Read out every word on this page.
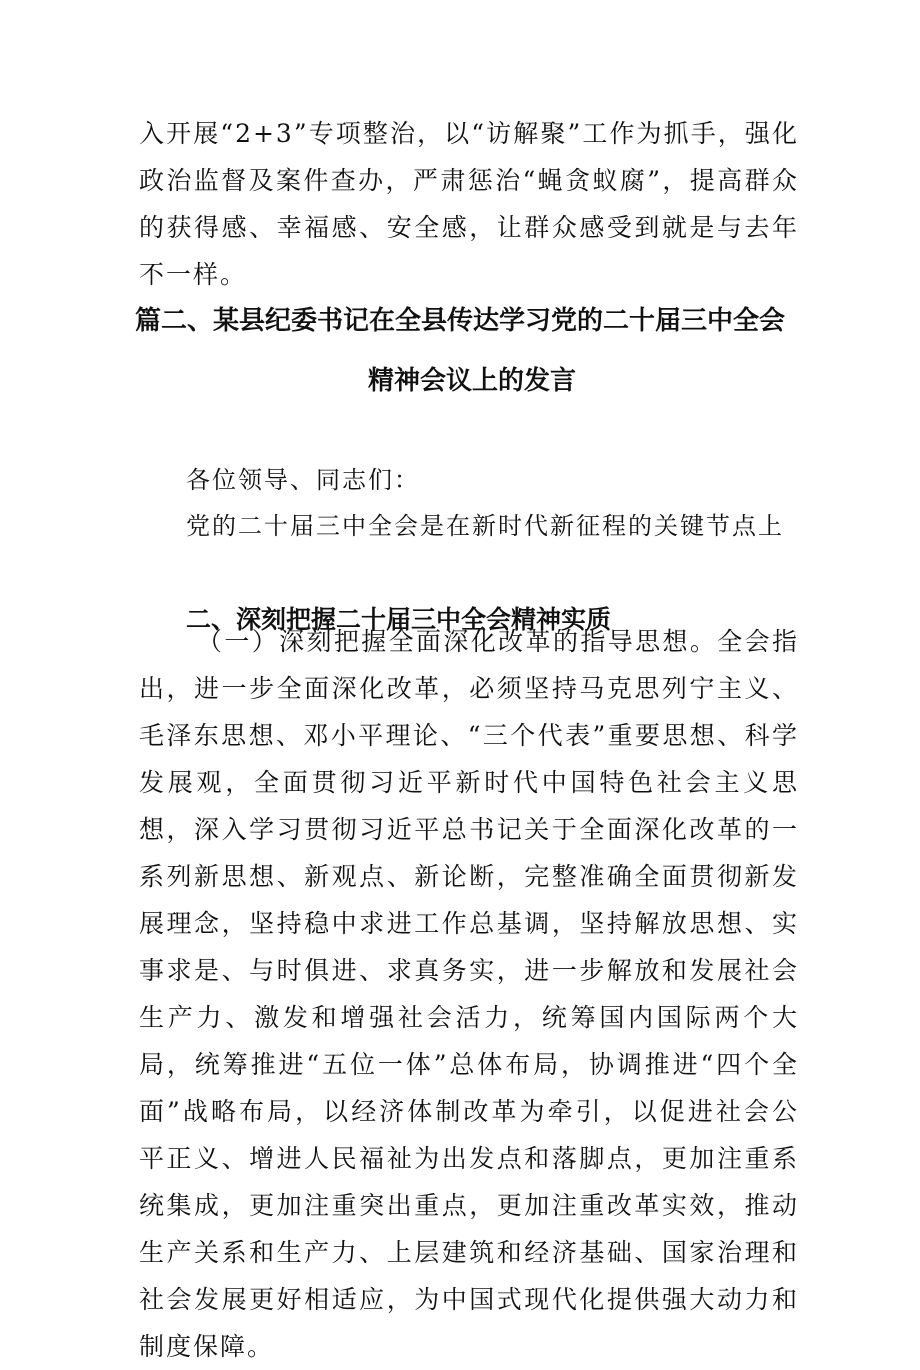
入开展“2+3”专项整治，以“访解聚”工作为抓手，强化政治监督及案件查办，严肃惩治“蝇贪蚁腐”，提高群众的获得感、幸福感、安全感，让群众感受到就是与去年不一样。

篇二、某县纪委书记在全县传达学习党的二十届三中全会
精神会议上的发言

各位领导、同志们：

党的二十届三中全会是在新时代新征程的关键节点上

二、深刻把握二十届三中全会精神实质

（一）深刻把握全面深化改革的指导思想。全会指出，进一步全面深化改革，必须坚持马克思列宁主义、毛泽东思想、邓小平理论、“三个代表”重要思想、科学发展观，全面贯彻习近平新时代中国特色社会主义思想，深入学习贯彻习近平总书记关于全面深化改革的一系列新思想、新观点、新论断，完整准确全面贯彻新发展理念，坚持稳中求进工作总基调，坚持解放思想、实事求是、与时俱进、求真务实，进一步解放和发展社会生产力、激发和增强社会活力，统筹国内国际两个大局，统筹推进“五位一体”总体布局，协调推进“四个全面”战略布局，以经济体制改革为牵引，以促进社会公平正义、增进人民福祉为出发点和落脚点，更加注重系统集成，更加注重突出重点，更加注重改革实效，推动生产关系和生产力、上层建筑和经济基础、国家治理和社会发展更好相适应，为中国式现代化提供强大动力和制度保障。
